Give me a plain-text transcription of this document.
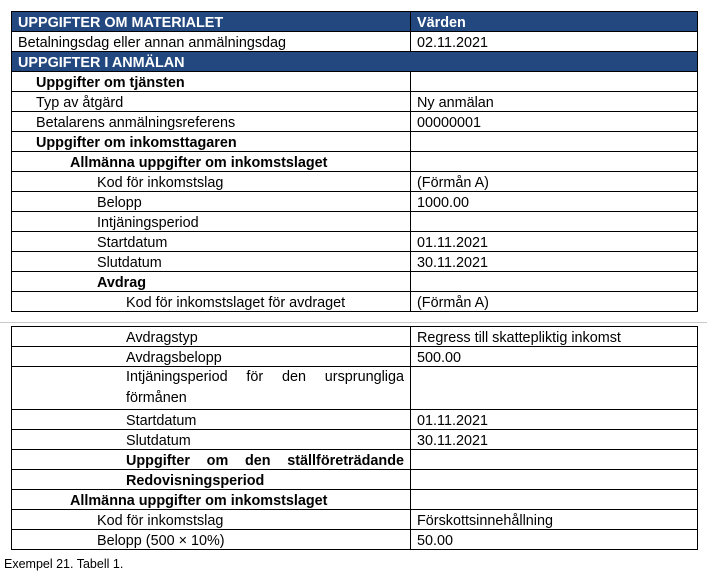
UPPGIFTER OM MATERIALET	Värden
Betalningsdag eller annan anmälningsdag	02.11.2021
UPPGIFTER I ANMÄLAN	
Uppgifter om tjänsten	
Typ av åtgärd	Ny anmälan
Betalarens anmälningsreferens	00000001
Uppgifter om inkomsttagaren	
Allmänna uppgifter om inkomstslaget	
Kod för inkomstslag	(Förmån A)
Belopp	1000.00
Intjäningsperiod	
Startdatum	01.11.2021
Slutdatum	30.11.2021
Avdrag	
Kod för inkomstslaget för avdraget	(Förmån A)
Avdragstyp	Regress till skattepliktig inkomst
Avdragsbelopp	500.00
Intjäningsperiod för den ursprungliga förmånen	
Startdatum	01.11.2021
Slutdatum	30.11.2021
Uppgifter om den ställföreträdande	
Redovisningsperiod	
Allmänna uppgifter om inkomstslaget	
Kod för inkomstslag	Förskottsinnehållning
Belopp (500 × 10%)	50.00
Exempel 21. Tabell 1.
